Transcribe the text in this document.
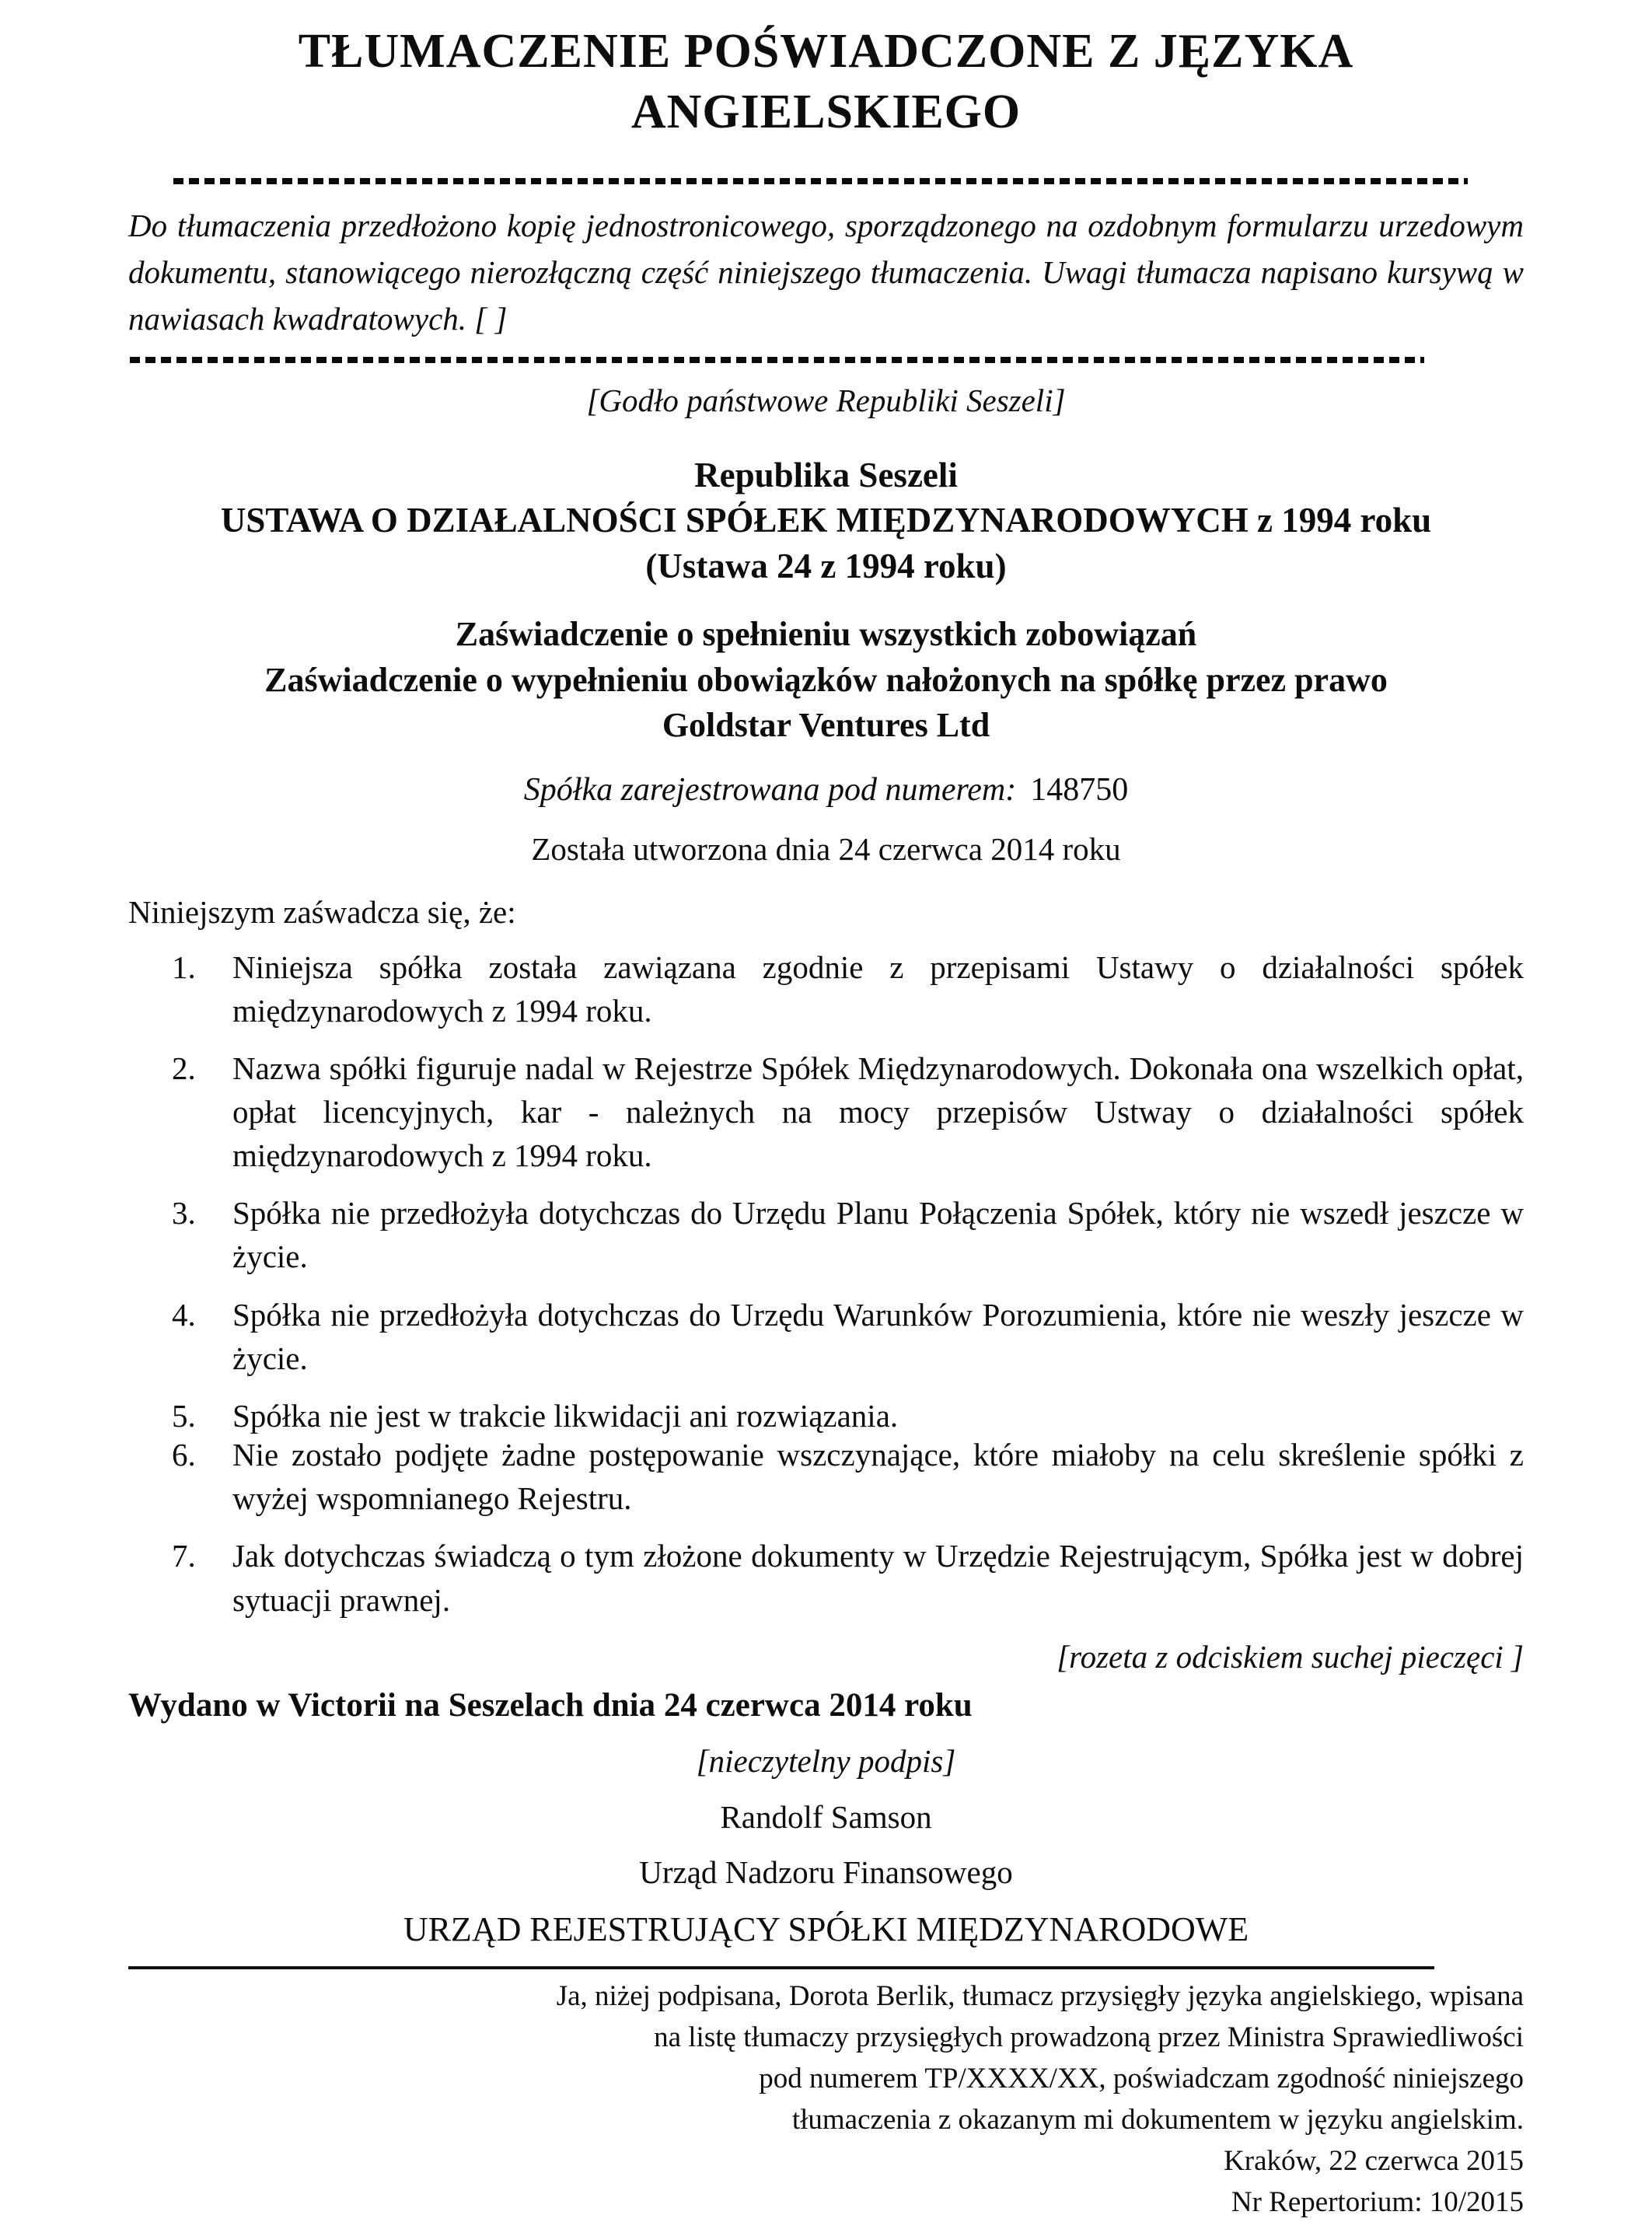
TŁUMACZENIE POŚWIADCZONE Z JĘZYKA ANGIELSKIEGO
Do tłumaczenia przedłożono kopię jednostronicowego, sporządzonego na ozdobnym formularzu urzedowym dokumentu, stanowiącego nierozłączną część niniejszego tłumaczenia. Uwagi tłumacza napisano kursywą w nawiasach kwadratowych. [ ]
[Godło państwowe Republiki Seszeli]
Republika Seszeli
USTAWA O DZIAŁALNOŚCI SPÓŁEK MIĘDZYNARODOWYCH z 1994 roku
(Ustawa 24 z 1994 roku)
Zaświadczenie o spełnieniu wszystkich zobowiązań
Zaświadczenie o wypełnieniu obowiązków nałożonych na spółkę przez prawo
Goldstar Ventures Ltd
Spółka zarejestrowana pod numerem: 148750
Została utworzona dnia 24 czerwca 2014 roku
Niniejszym zaśwadcza się, że:
1.	Niniejsza spółka została zawiązana zgodnie z przepisami Ustawy o działalności spółek międzynarodowych z 1994 roku.
2.	Nazwa spółki figuruje nadal w Rejestrze Spółek Międzynarodowych. Dokonała ona wszelkich opłat, opłat licencyjnych, kar - należnych na mocy przepisów Ustway o działalności spółek międzynarodowych z 1994 roku.
3.	Spółka nie przedłożyła dotychczas do Urzędu Planu Połączenia Spółek, który nie wszedł jeszcze w życie.
4.	Spółka nie przedłożyła dotychczas do Urzędu Warunków Porozumienia, które nie weszły jeszcze w życie.
5.	Spółka nie jest w trakcie likwidacji ani rozwiązania.
6.	Nie zostało podjęte żadne postępowanie wszczynające, które miałoby na celu skreślenie spółki z wyżej wspomnianego Rejestru.
7.	Jak dotychczas świadczą o tym złożone dokumenty w Urzędzie Rejestrującym, Spółka jest w dobrej sytuacji prawnej.
[rozeta z odciskiem suchej pieczęci ]
Wydano w Victorii na Seszelach dnia 24 czerwca 2014 roku
[nieczytelny podpis]
Randolf Samson
Urząd Nadzoru Finansowego
URZĄD REJESTRUJĄCY SPÓŁKI MIĘDZYNARODOWE
Ja, niżej podpisana, Dorota Berlik, tłumacz przysięgły języka angielskiego, wpisana
na listę tłumaczy przysięgłych prowadzoną przez Ministra Sprawiedliwości
pod numerem TP/XXXX/XX, poświadczam zgodność niniejszego
tłumaczenia z okazanym mi dokumentem w języku angielskim.
Kraków, 22 czerwca 2015
Nr Repertorium: 10/2015
